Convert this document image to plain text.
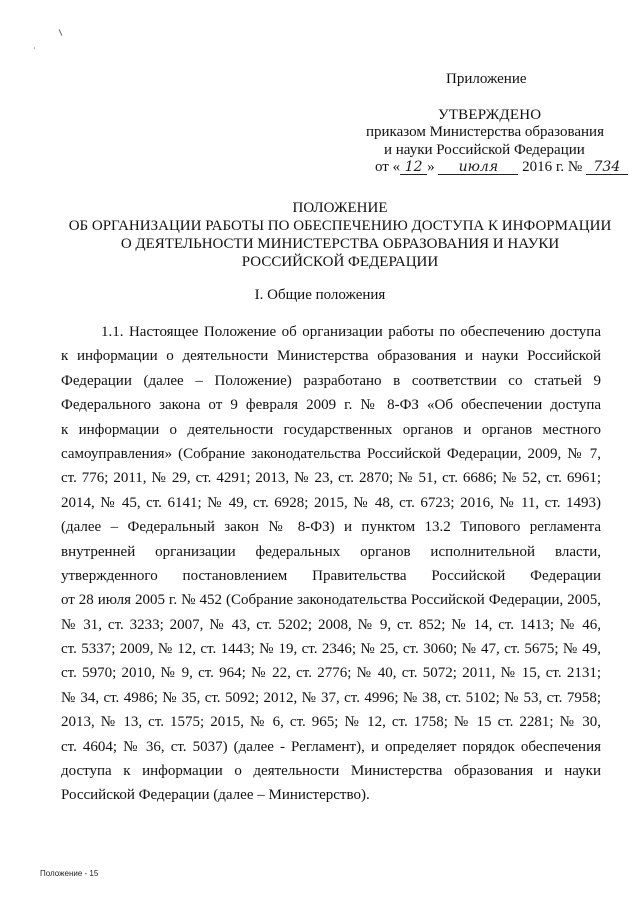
·
Приложение
УТВЕРЖДЕНО
приказом Министерства образования
и науки Российской Федерации
от « 12 » июля 2016 г. № 734
ПОЛОЖЕНИЕ
ОБ ОРГАНИЗАЦИИ РАБОТЫ ПО ОБЕСПЕЧЕНИЮ ДОСТУПА К ИНФОРМАЦИИ
О ДЕЯТЕЛЬНОСТИ МИНИСТЕРСТВА ОБРАЗОВАНИЯ И НАУКИ
РОССИЙСКОЙ ФЕДЕРАЦИИ
I. Общие положения
1.1. Настоящее Положение об организации работы по обеспечению доступа
к информации о деятельности Министерства образования и науки Российской
Федерации (далее – Положение) разработано в соответствии со статьей 9
Федерального закона от 9 февраля 2009 г. № 8-ФЗ «Об обеспечении доступа
к информации о деятельности государственных органов и органов местного
самоуправления» (Собрание законодательства Российской Федерации, 2009, № 7,
ст. 776; 2011, № 29, ст. 4291; 2013, № 23, ст. 2870; № 51, ст. 6686; № 52, ст. 6961;
2014, № 45, ст. 6141; № 49, ст. 6928; 2015, № 48, ст. 6723; 2016, № 11, ст. 1493)
(далее – Федеральный закон № 8-ФЗ) и пунктом 13.2 Типового регламента
внутренней организации федеральных органов исполнительной власти,
утвержденного постановлением Правительства Российской Федерации
от 28 июля 2005 г. № 452 (Собрание законодательства Российской Федерации, 2005,
№ 31, ст. 3233; 2007, № 43, ст. 5202; 2008, № 9, ст. 852; № 14, ст. 1413; № 46,
ст. 5337; 2009, № 12, ст. 1443; № 19, ст. 2346; № 25, ст. 3060; № 47, ст. 5675; № 49,
ст. 5970; 2010, № 9, ст. 964; № 22, ст. 2776; № 40, ст. 5072; 2011, № 15, ст. 2131;
№ 34, ст. 4986; № 35, ст. 5092; 2012, № 37, ст. 4996; № 38, ст. 5102; № 53, ст. 7958;
2013, № 13, ст. 1575; 2015, № 6, ст. 965; № 12, ст. 1758; № 15 ст. 2281; № 30,
ст. 4604; № 36, ст. 5037) (далее - Регламент), и определяет порядок обеспечения
доступа к информации о деятельности Министерства образования и науки
Российской Федерации (далее – Министерство).
Положение - 15
